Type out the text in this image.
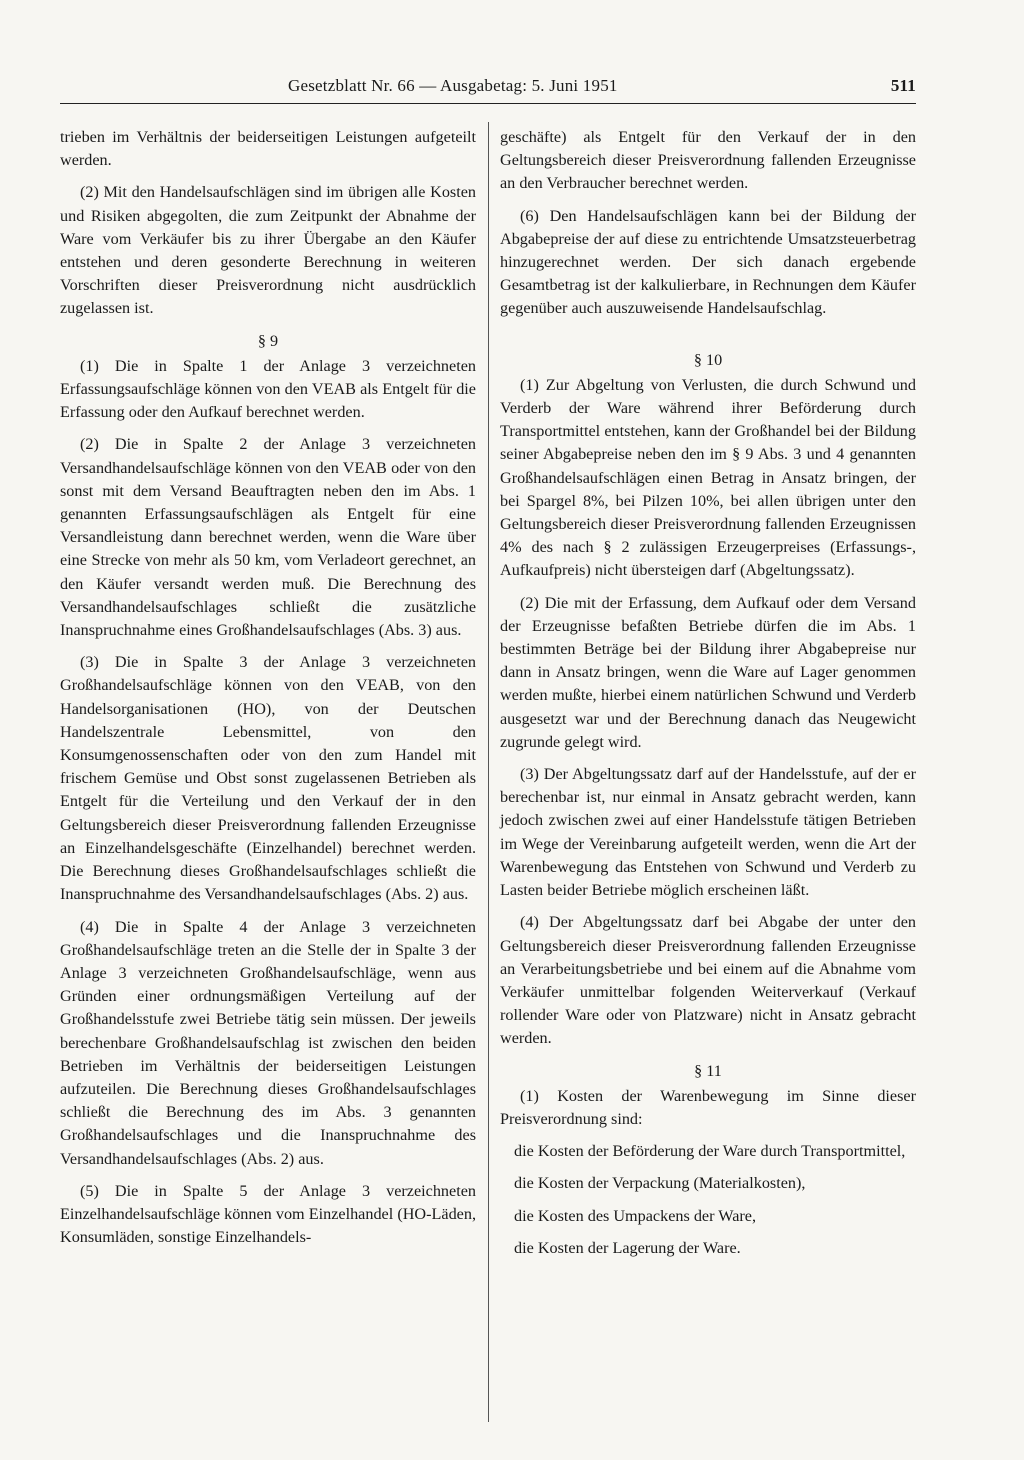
Gesetzblatt Nr. 66 — Ausgabetag: 5. Juni 1951	511

trieben im Verhältnis der beiderseitigen Leistungen aufgeteilt werden.

(2) Mit den Handelsaufschlägen sind im übrigen alle Kosten und Risiken abgegolten, die zum Zeitpunkt der Abnahme der Ware vom Verkäufer bis zu ihrer Übergabe an den Käufer entstehen und deren gesonderte Berechnung in weiteren Vorschriften dieser Preisverordnung nicht ausdrücklich zugelassen ist.

§ 9

(1) Die in Spalte 1 der Anlage 3 verzeichneten Erfassungsaufschläge können von den VEAB als Entgelt für die Erfassung oder den Aufkauf berechnet werden.

(2) Die in Spalte 2 der Anlage 3 verzeichneten Versandhandelsaufschläge können von den VEAB oder von den sonst mit dem Versand Beauftragten neben den im Abs. 1 genannten Erfassungsaufschlägen als Entgelt für eine Versandleistung dann berechnet werden, wenn die Ware über eine Strecke von mehr als 50 km, vom Verladeort gerechnet, an den Käufer versandt werden muß. Die Berechnung des Versandhandelsaufschlages schließt die zusätzliche Inanspruchnahme eines Großhandelsaufschlages (Abs. 3) aus.

(3) Die in Spalte 3 der Anlage 3 verzeichneten Großhandelsaufschläge können von den VEAB, von den Handelsorganisationen (HO), von der Deutschen Handelszentrale Lebensmittel, von den Konsumgenossenschaften oder von den zum Handel mit frischem Gemüse und Obst sonst zugelassenen Betrieben als Entgelt für die Verteilung und den Verkauf der in den Geltungsbereich dieser Preisverordnung fallenden Erzeugnisse an Einzelhandelsgeschäfte (Einzelhandel) berechnet werden. Die Berechnung dieses Großhandelsaufschlages schließt die Inanspruchnahme des Versandhandelsaufschlages (Abs. 2) aus.

(4) Die in Spalte 4 der Anlage 3 verzeichneten Großhandelsaufschläge treten an die Stelle der in Spalte 3 der Anlage 3 verzeichneten Großhandelsaufschläge, wenn aus Gründen einer ordnungsmäßigen Verteilung auf der Großhandelsstufe zwei Betriebe tätig sein müssen. Der jeweils berechenbare Großhandelsaufschlag ist zwischen den beiden Betrieben im Verhältnis der beiderseitigen Leistungen aufzuteilen. Die Berechnung dieses Großhandelsaufschlages schließt die Berechnung des im Abs. 3 genannten Großhandelsaufschlages und die Inanspruchnahme des Versandhandelsaufschlages (Abs. 2) aus.

(5) Die in Spalte 5 der Anlage 3 verzeichneten Einzelhandelsaufschläge können vom Einzelhandel (HO-Läden, Konsumläden, sonstige Einzelhandels-

geschäfte) als Entgelt für den Verkauf der in den Geltungsbereich dieser Preisverordnung fallenden Erzeugnisse an den Verbraucher berechnet werden.

(6) Den Handelsaufschlägen kann bei der Bildung der Abgabepreise der auf diese zu entrichtende Umsatzsteuerbetrag hinzugerechnet werden. Der sich danach ergebende Gesamtbetrag ist der kalkulierbare, in Rechnungen dem Käufer gegenüber auch auszuweisende Handelsaufschlag.

§ 10

(1) Zur Abgeltung von Verlusten, die durch Schwund und Verderb der Ware während ihrer Beförderung durch Transportmittel entstehen, kann der Großhandel bei der Bildung seiner Abgabepreise neben den im § 9 Abs. 3 und 4 genannten Großhandelsaufschlägen einen Betrag in Ansatz bringen, der bei Spargel 8%, bei Pilzen 10%, bei allen übrigen unter den Geltungsbereich dieser Preisverordnung fallenden Erzeugnissen 4% des nach § 2 zulässigen Erzeugerpreises (Erfassungs-, Aufkaufpreis) nicht übersteigen darf (Abgeltungssatz).

(2) Die mit der Erfassung, dem Aufkauf oder dem Versand der Erzeugnisse befaßten Betriebe dürfen die im Abs. 1 bestimmten Beträge bei der Bildung ihrer Abgabepreise nur dann in Ansatz bringen, wenn die Ware auf Lager genommen werden mußte, hierbei einem natürlichen Schwund und Verderb ausgesetzt war und der Berechnung danach das Neugewicht zugrunde gelegt wird.

(3) Der Abgeltungssatz darf auf der Handelsstufe, auf der er berechenbar ist, nur einmal in Ansatz gebracht werden, kann jedoch zwischen zwei auf einer Handelsstufe tätigen Betrieben im Wege der Vereinbarung aufgeteilt werden, wenn die Art der Warenbewegung das Entstehen von Schwund und Verderb zu Lasten beider Betriebe möglich erscheinen läßt.

(4) Der Abgeltungssatz darf bei Abgabe der unter den Geltungsbereich dieser Preisverordnung fallenden Erzeugnisse an Verarbeitungsbetriebe und bei einem auf die Abnahme vom Verkäufer unmittelbar folgenden Weiterverkauf (Verkauf rollender Ware oder von Platzware) nicht in Ansatz gebracht werden.

§ 11

(1) Kosten der Warenbewegung im Sinne dieser Preisverordnung sind:

die Kosten der Beförderung der Ware durch Transportmittel,
die Kosten der Verpackung (Materialkosten),
die Kosten des Umpackens der Ware,
die Kosten der Lagerung der Ware.
